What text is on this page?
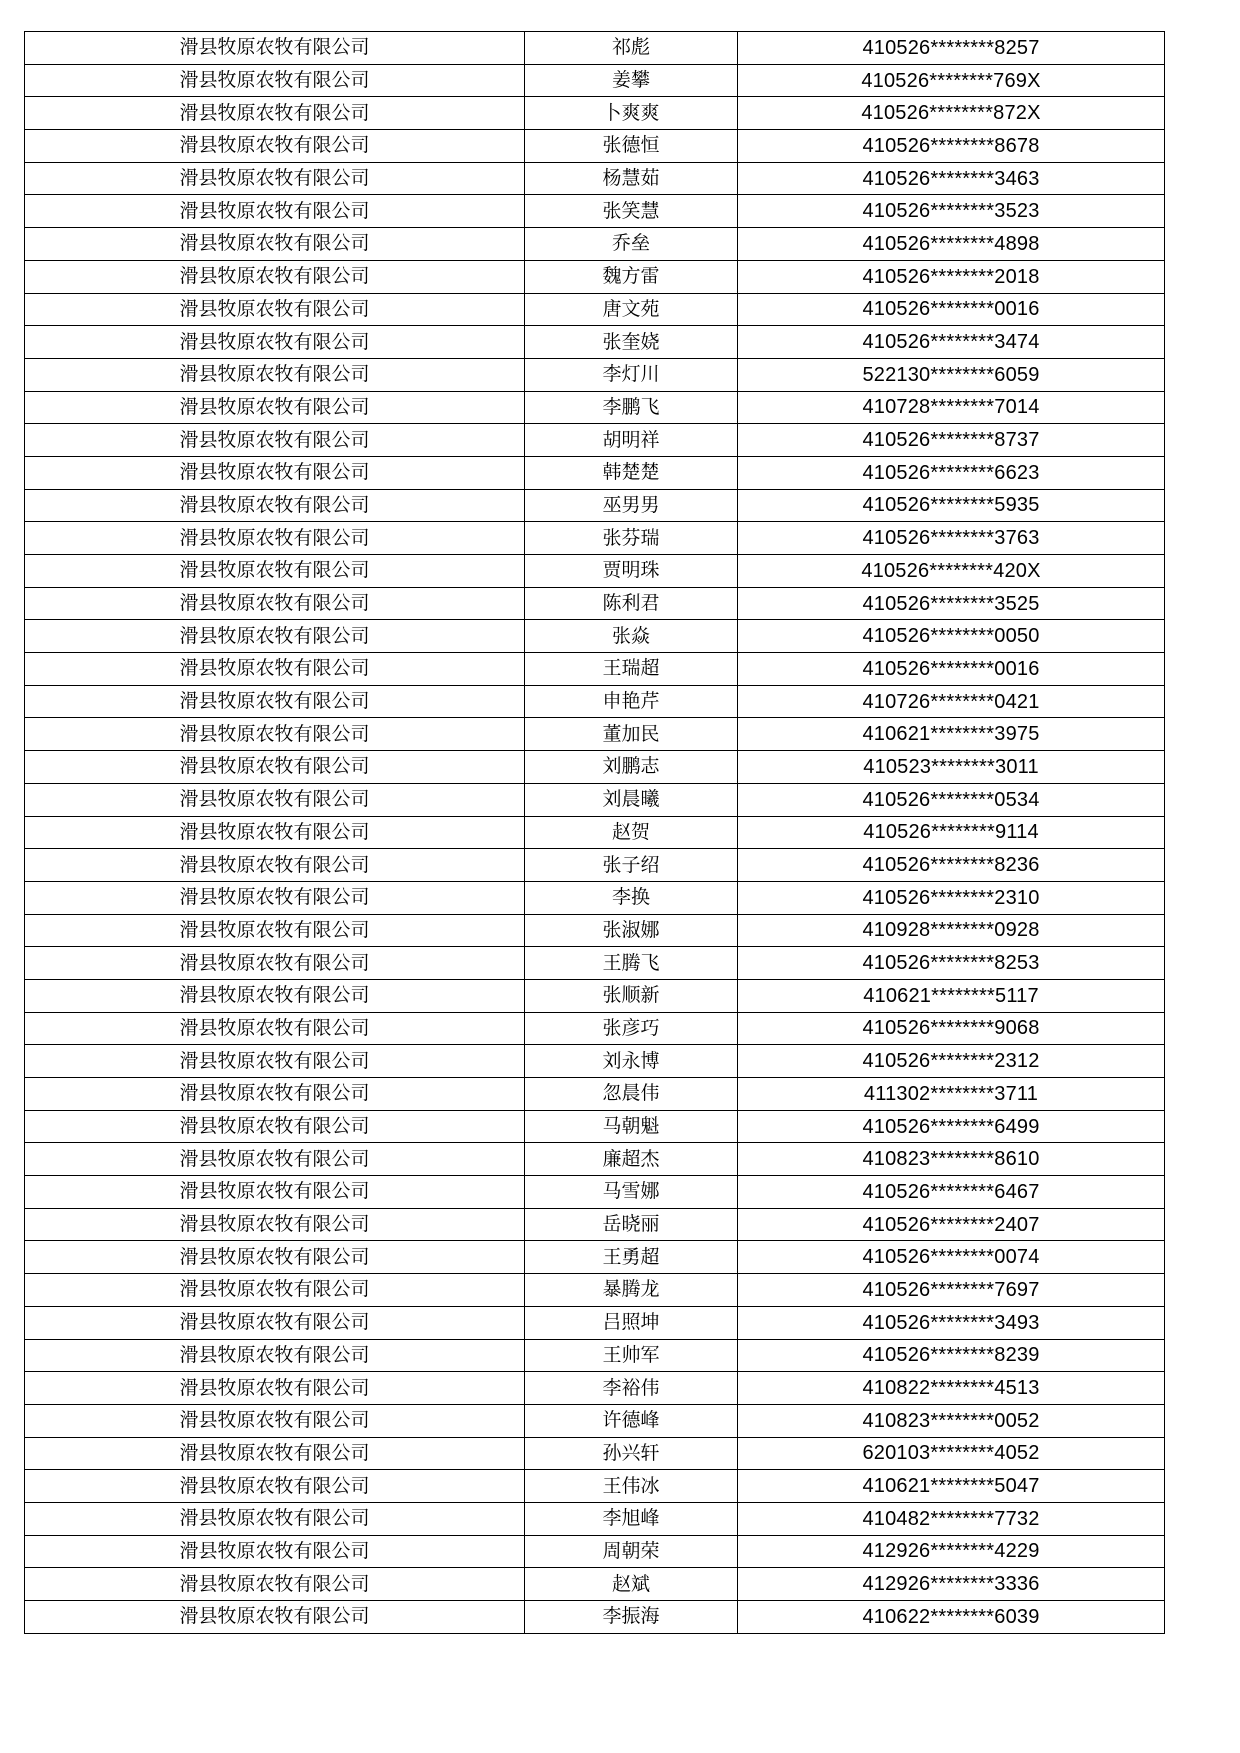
滑县牧原农牧有限公司	祁彪	410526********8257
滑县牧原农牧有限公司	姜攀	410526********769X
滑县牧原农牧有限公司	卜爽爽	410526********872X
滑县牧原农牧有限公司	张德恒	410526********8678
滑县牧原农牧有限公司	杨慧茹	410526********3463
滑县牧原农牧有限公司	张笑慧	410526********3523
滑县牧原农牧有限公司	乔垒	410526********4898
滑县牧原农牧有限公司	魏方雷	410526********2018
滑县牧原农牧有限公司	唐文苑	410526********0016
滑县牧原农牧有限公司	张奎娆	410526********3474
滑县牧原农牧有限公司	李灯川	522130********6059
滑县牧原农牧有限公司	李鹏飞	410728********7014
滑县牧原农牧有限公司	胡明祥	410526********8737
滑县牧原农牧有限公司	韩楚楚	410526********6623
滑县牧原农牧有限公司	巫男男	410526********5935
滑县牧原农牧有限公司	张芬瑞	410526********3763
滑县牧原农牧有限公司	贾明珠	410526********420X
滑县牧原农牧有限公司	陈利君	410526********3525
滑县牧原农牧有限公司	张焱	410526********0050
滑县牧原农牧有限公司	王瑞超	410526********0016
滑县牧原农牧有限公司	申艳芹	410726********0421
滑县牧原农牧有限公司	董加民	410621********3975
滑县牧原农牧有限公司	刘鹏志	410523********3011
滑县牧原农牧有限公司	刘晨曦	410526********0534
滑县牧原农牧有限公司	赵贺	410526********9114
滑县牧原农牧有限公司	张子绍	410526********8236
滑县牧原农牧有限公司	李换	410526********2310
滑县牧原农牧有限公司	张淑娜	410928********0928
滑县牧原农牧有限公司	王腾飞	410526********8253
滑县牧原农牧有限公司	张顺新	410621********5117
滑县牧原农牧有限公司	张彦巧	410526********9068
滑县牧原农牧有限公司	刘永博	410526********2312
滑县牧原农牧有限公司	忽晨伟	411302********3711
滑县牧原农牧有限公司	马朝魁	410526********6499
滑县牧原农牧有限公司	廉超杰	410823********8610
滑县牧原农牧有限公司	马雪娜	410526********6467
滑县牧原农牧有限公司	岳晓丽	410526********2407
滑县牧原农牧有限公司	王勇超	410526********0074
滑县牧原农牧有限公司	暴腾龙	410526********7697
滑县牧原农牧有限公司	吕照坤	410526********3493
滑县牧原农牧有限公司	王帅军	410526********8239
滑县牧原农牧有限公司	李裕伟	410822********4513
滑县牧原农牧有限公司	许德峰	410823********0052
滑县牧原农牧有限公司	孙兴轩	620103********4052
滑县牧原农牧有限公司	王伟冰	410621********5047
滑县牧原农牧有限公司	李旭峰	410482********7732
滑县牧原农牧有限公司	周朝荣	412926********4229
滑县牧原农牧有限公司	赵斌	412926********3336
滑县牧原农牧有限公司	李振海	410622********6039
